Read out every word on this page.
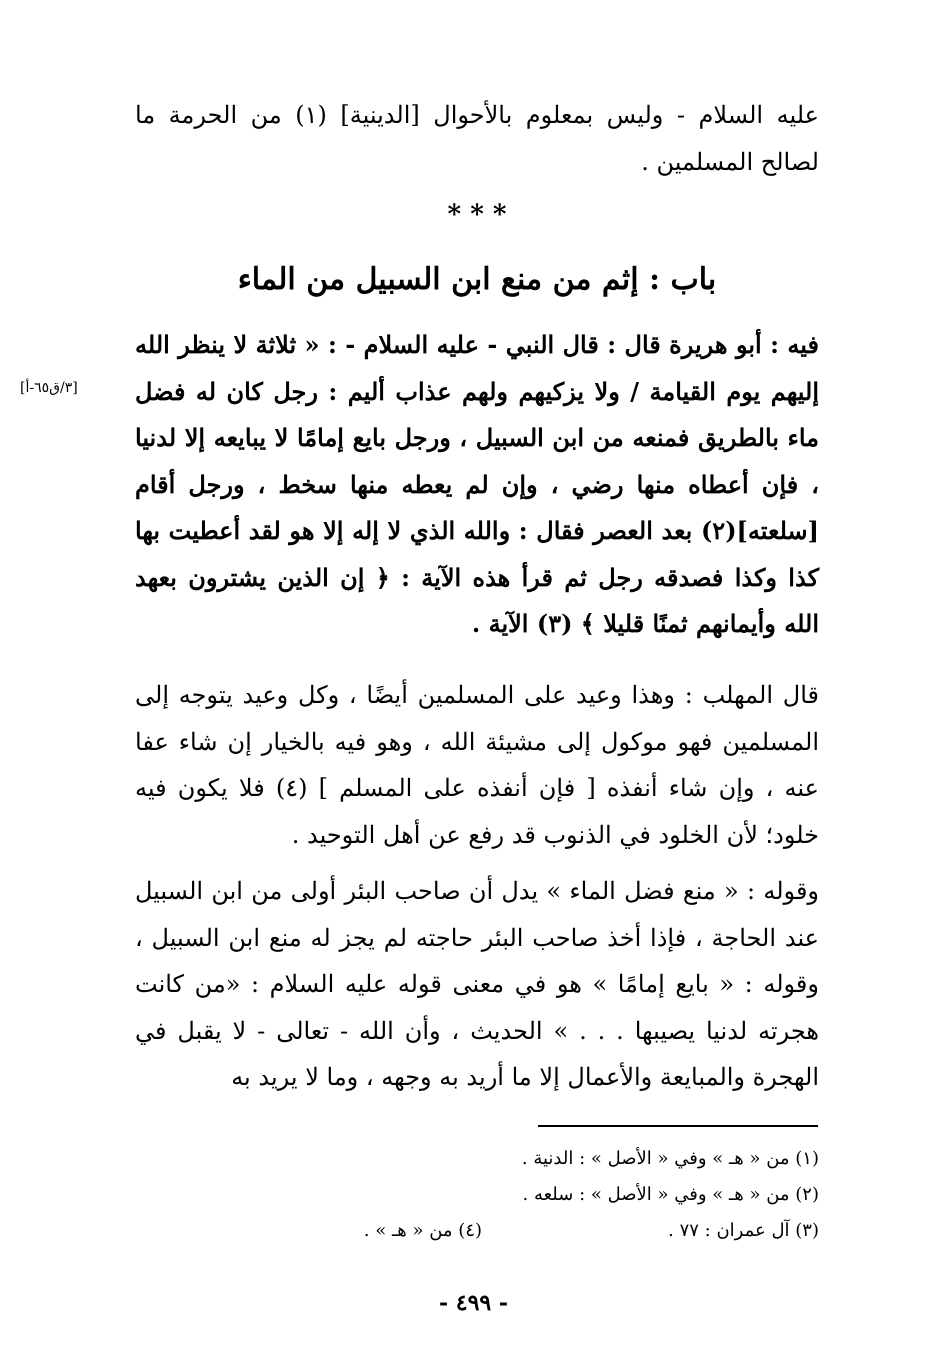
عليه السلام - وليس بمعلوم بالأحوال [الدينية] (١) من الحرمة ما لصالح المسلمين .
* * *
باب : إثم من منع ابن السبيل من الماء
فيه : أبو هريرة قال : قال النبي - عليه السلام - : « ثلاثة لا ينظر الله إليهم يوم القيامة / ولا يزكيهم ولهم عذاب أليم : رجل كان له فضل ماء بالطريق فمنعه من ابن السبيل ، ورجل بايع إمامًا لا يبايعه إلا لدنيا ، فإن أعطاه منها رضي ، وإن لم يعطه منها سخط ، ورجل أقام [سلعته](٢) بعد العصر فقال : والله الذي لا إله إلا هو لقد أعطيت بها كذا وكذا فصدقه رجل ثم قرأ هذه الآية : ﴿ إن الذين يشترون بعهد الله وأيمانهم ثمنًا قليلا ﴾ (٣) الآية .
[٣/ق٦٥-أ]
قال المهلب : وهذا وعيد على المسلمين أيضًا ، وكل وعيد يتوجه إلى المسلمين فهو موكول إلى مشيئة الله ، وهو فيه بالخيار إن شاء عفا عنه ، وإن شاء أنفذه [ فإن أنفذه على المسلم ] (٤) فلا يكون فيه خلود؛ لأن الخلود في الذنوب قد رفع عن أهل التوحيد .
وقوله : « منع فضل الماء » يدل أن صاحب البئر أولى من ابن السبيل عند الحاجة ، فإذا أخذ صاحب البئر حاجته لم يجز له منع ابن السبيل ، وقوله : « بايع إمامًا » هو في معنى قوله عليه السلام : «من كانت هجرته لدنيا يصيبها . . . » الحديث ، وأن الله - تعالى - لا يقبل في الهجرة والمبايعة والأعمال إلا ما أريد به وجهه ، وما لا يريد به
(١) من « هـ » وفي « الأصل » : الدنية .
(٢) من « هـ » وفي « الأصل » : سلعه .
(٣) آل عمران : ٧٧ .
(٤) من « هـ » .
- ٤٩٩ -
